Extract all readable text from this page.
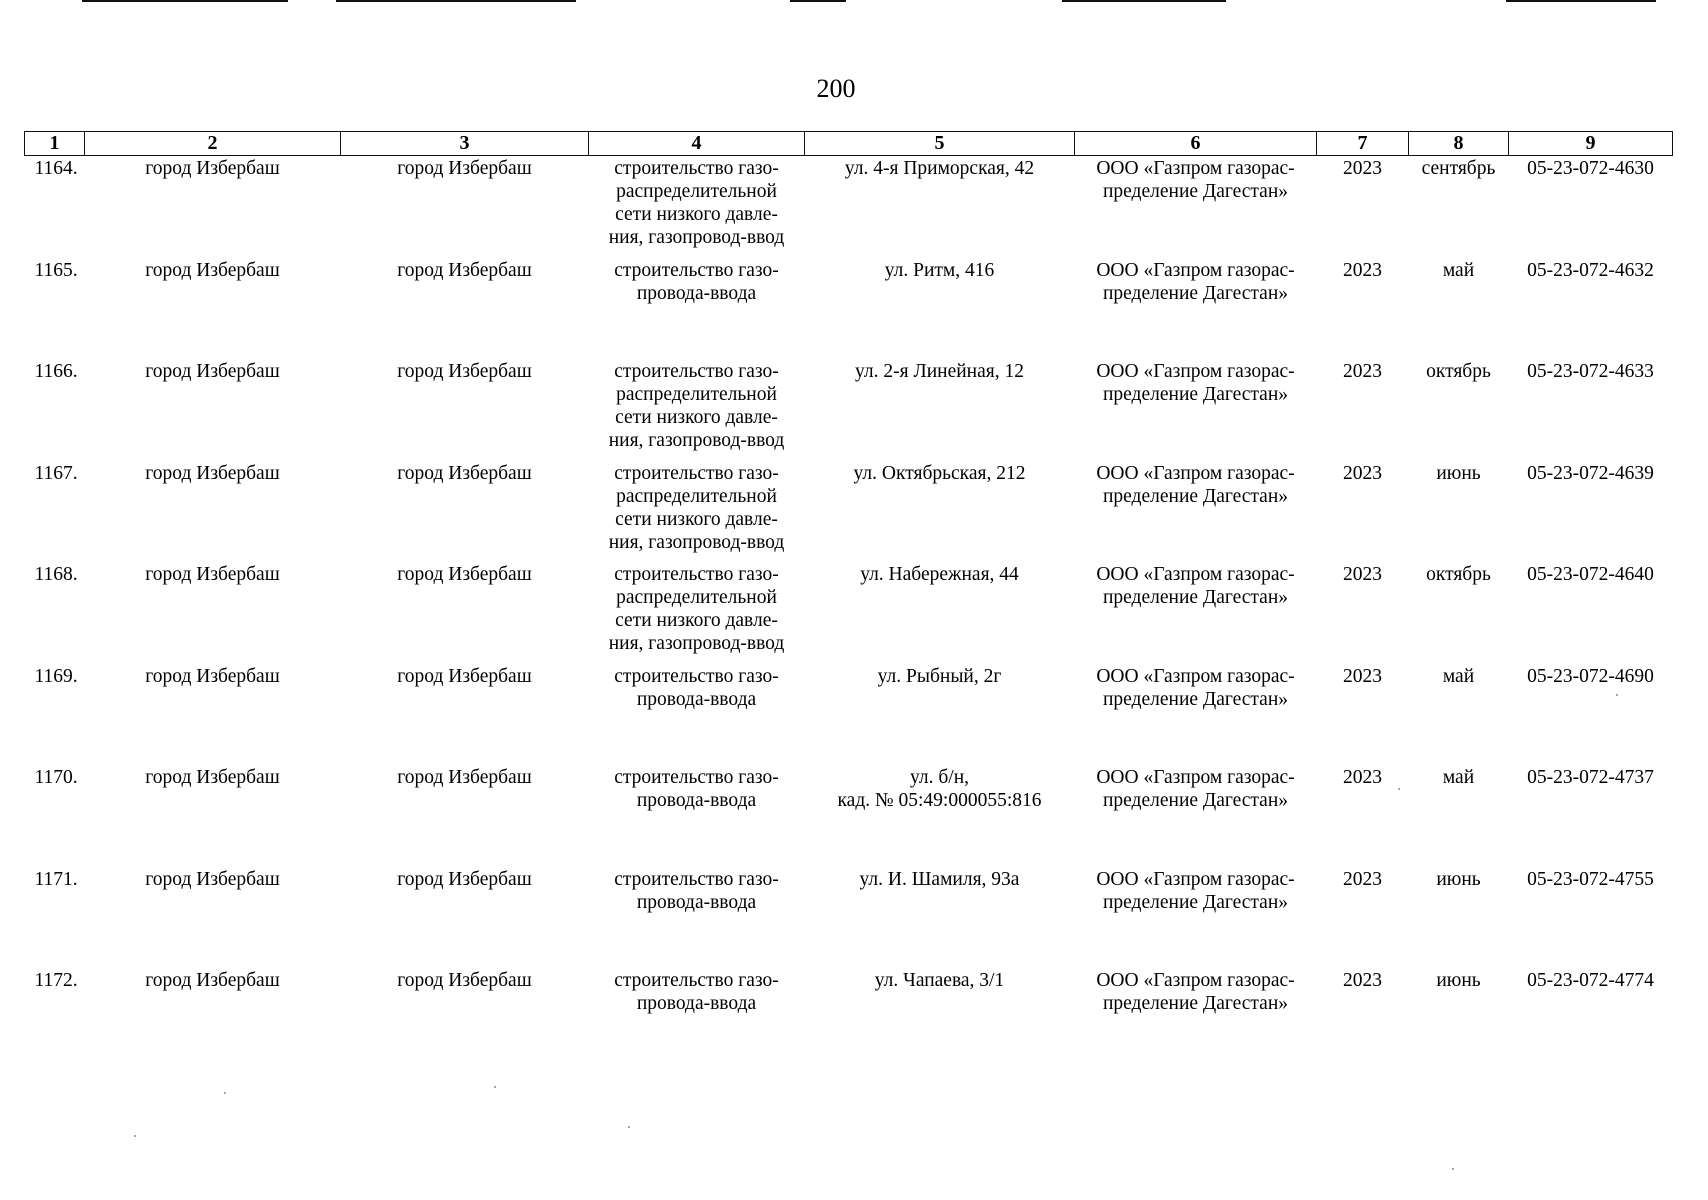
200
1	2	3	4	5	6	7	8	9
1164.	город Избербаш	город Избербаш	строительство газо-
распределительной
сети низкого давле-
ния, газопровод-ввод	ул. 4-я Приморская, 42	ООО «Газпром газорас-
пределение Дагестан»	2023	сентябрь	05-23-072-4630
1165.	город Избербаш	город Избербаш	строительство газо-
провода-ввода	ул. Ритм, 416	ООО «Газпром газорас-
пределение Дагестан»	2023	май	05-23-072-4632
1166.	город Избербаш	город Избербаш	строительство газо-
распределительной
сети низкого давле-
ния, газопровод-ввод	ул. 2-я Линейная, 12	ООО «Газпром газорас-
пределение Дагестан»	2023	октябрь	05-23-072-4633
1167.	город Избербаш	город Избербаш	строительство газо-
распределительной
сети низкого давле-
ния, газопровод-ввод	ул. Октябрьская, 212	ООО «Газпром газорас-
пределение Дагестан»	2023	июнь	05-23-072-4639
1168.	город Избербаш	город Избербаш	строительство газо-
распределительной
сети низкого давле-
ния, газопровод-ввод	ул. Набережная, 44	ООО «Газпром газорас-
пределение Дагестан»	2023	октябрь	05-23-072-4640
1169.	город Избербаш	город Избербаш	строительство газо-
провода-ввода	ул. Рыбный, 2г	ООО «Газпром газорас-
пределение Дагестан»	2023	май	05-23-072-4690
1170.	город Избербаш	город Избербаш	строительство газо-
провода-ввода	ул. б/н,
кад. № 05:49:000055:816	ООО «Газпром газорас-
пределение Дагестан»	2023	май	05-23-072-4737
1171.	город Избербаш	город Избербаш	строительство газо-
провода-ввода	ул. И. Шамиля, 93а	ООО «Газпром газорас-
пределение Дагестан»	2023	июнь	05-23-072-4755
1172.	город Избербаш	город Избербаш	строительство газо-
провода-ввода	ул. Чапаева, 3/1	ООО «Газпром газорас-
пределение Дагестан»	2023	июнь	05-23-072-4774
